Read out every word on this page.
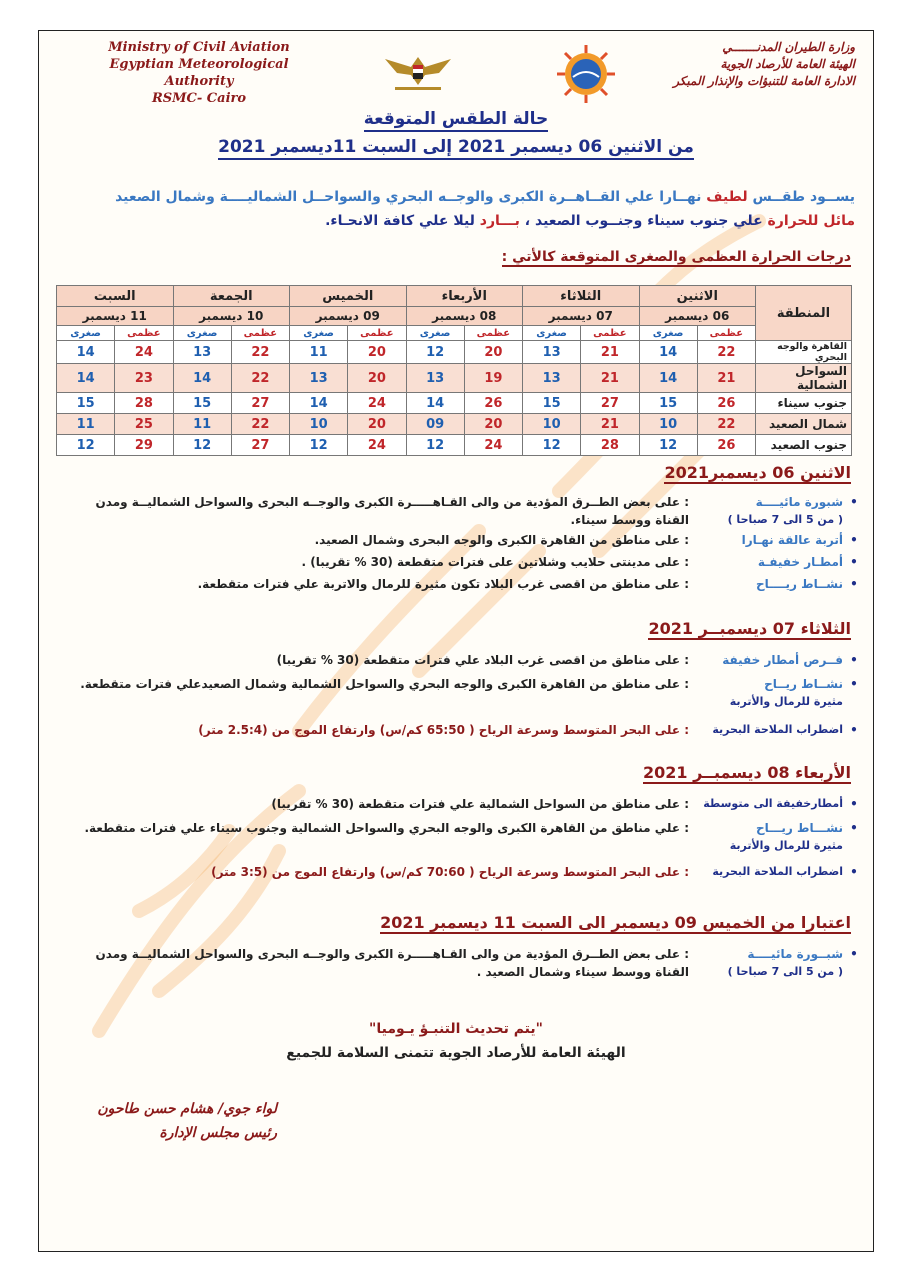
Ministry of Civil Aviation
Egyptian Meteorological Authority
RSMC- Cairo
وزارة الطيران المدنـــــــي
الهيئة العامة للأرصاد الجوية
الادارة العامة للتنبؤات والإنذار المبكر
حالة الطقس المتوقعة
من الاثنين 06 ديسمبر 2021 إلى السبت 11ديسمبر 2021
يســود طقــس لطيف نهــارا علي القــاهــرة الكبرى والوجــه البحري والسواحــل الشماليــــة وشمال الصعيد
مائل للحرارة علي جنوب سيناء وجنــوب الصعيد ، بـــارد ليلا علي كافة الانحـاء.
درجات الحرارة العظمى والصغرى المتوقعة كالأتي :
المنطقة	الاثنين		الثلاثاء		الأربعاء		الخميس		الجمعة		السبت	
	06 ديسمبر		07 ديسمبر		08 ديسمبر		09 ديسمبر		10 ديسمبر		11 ديسمبر	
	عظمى	صغرى	عظمى	صغرى	عظمى	صغرى	عظمى	صغرى	عظمى	صغرى	عظمى	صغرى
القاهرة والوجه البحري	22	14	21	13	20	12	20	11	22	13	24	14
السواحل الشمالية	21	14	21	13	19	13	20	13	22	14	23	14
جنوب سيناء	26	15	27	15	26	14	24	14	27	15	28	15
شمال الصعيد	22	10	21	10	20	09	20	10	22	11	25	11
جنوب الصعيد	26	12	28	12	24	12	24	12	27	12	29	12
الاثنين 06 ديسمبر2021
•
شبورة مائيــــة
( من 5 الى 7 صباحا )
: على بعض الطــرق المؤدية من والى القـاهـــــرة الكبرى والوجــه البحرى والسواحل الشماليــة ومدن القناة ووسط سيناء.
•
أتربة عالقة نهـارا
: على مناطق من القاهرة الكبرى والوجه البحرى وشمال الصعيد.
•
أمطـار خفيفـة
: على مدينتى حلايب وشلاتين على فترات متقطعة (30 % تقريبا) .
•
نشــاط ريــــاح
: على مناطق من اقصى غرب البلاد تكون مثيرة للرمال والاتربة علي فترات متقطعة.
الثلاثاء 07 ديسمبــر 2021
•
فــرص أمطار خفيفة
: على مناطق من اقصى غرب البلاد علي فترات متقطعة (30 % تقريبا)
•
نشــاط ريــاح
مثيرة للرمال والأتربة
: على مناطق من القاهرة الكبرى والوجه البحري والسواحل الشمالية وشمال الصعيدعلي فترات متقطعة.
•
اضطراب الملاحة البحرية
: على البحر المتوسط وسرعة الرياح ( 65:50 كم/س) وارتفاع الموج من (2.5:4 متر)
الأربعاء 08 ديسمبــر 2021
•
أمطارخفيفة الى متوسطة
: على مناطق من السواحل الشمالية علي فترات متقطعة (30 % تقريبا)
•
نشـــاط ريـــاح
مثيرة للرمال والأتربة
: علي مناطق من القاهرة الكبرى والوجه البحري والسواحل الشمالية وجنوب سيناء علي فترات متقطعة.
•
اضطراب الملاحة البحرية
: على البحر المتوسط وسرعة الرياح ( 70:60 كم/س) وارتفاع الموج من (3:5 متر)
اعتبارا من الخميس 09 ديسمبر الى السبت 11 ديسمبر 2021
•
شبــورة مائيــــة
( من 5 الى 7 صباحا )
: على بعض الطــرق المؤدية من والى القـاهـــــرة الكبرى والوجــه البحرى والسواحل الشماليــة ومدن القناة ووسط سيناء وشمال الصعيد .
"يتم تحديث التنبـؤ يـوميا"
الهيئة العامة للأرصاد الجوية تتمنى السلامة للجميع
لواء جوي/ هشام حسن طاحون
رئيس مجلس الإدارة
